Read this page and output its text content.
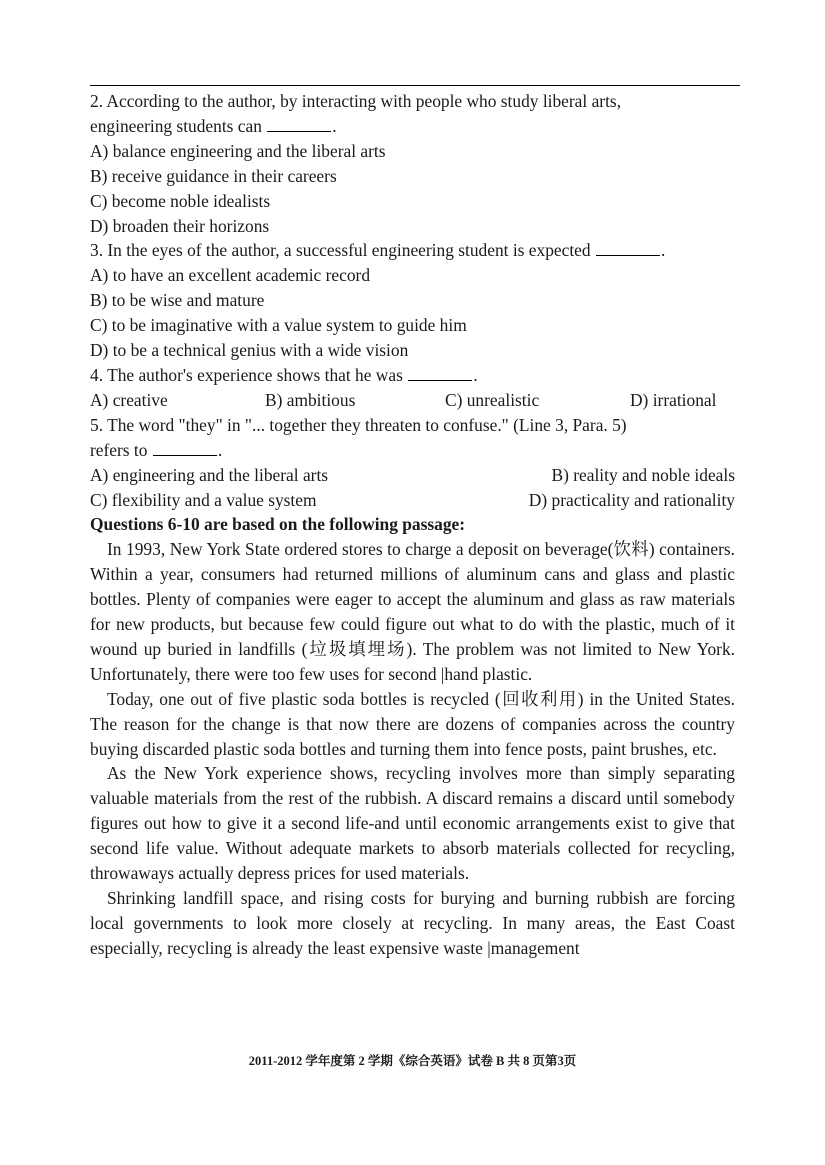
2. According to the author, by interacting with people who study liberal arts,
engineering students can	.
A) balance engineering and the liberal arts
B) receive guidance in their careers
C) become noble idealists
D) broaden their horizons
3. In the eyes of the author, a successful engineering student is expected	.
A) to have an excellent academic record
B) to be wise and mature
C) to be imaginative with a value system to guide him
D) to be a technical genius with a wide vision
4. The author's experience shows that he was	.
A) creative	B) ambitious	C) unrealistic	D) irrational
5. The word "they" in "... together they threaten to confuse." (Line 3, Para. 5)
refers to	.
A) engineering and the liberal arts	B) reality and noble ideals
C) flexibility and a value system	D) practicality and rationality
Questions 6-10 are based on the following passage:

In 1993, New York State ordered stores to charge a deposit on beverage(饮料) containers. Within a year, consumers had returned millions of aluminum cans and glass and plastic bottles. Plenty of companies were eager to accept the aluminum and glass as raw materials for new products, but because few could figure out what to do with the plastic, much of it wound up buried in landfills (垃圾填埋场). The problem was not limited to New York. Unfortunately, there were too few uses for second |hand plastic.

Today, one out of five plastic soda bottles is recycled (回收利用) in the United States. The reason for the change is that now there are dozens of companies across the country buying discarded plastic soda bottles and turning them into fence posts, paint brushes, etc.

As the New York experience shows, recycling involves more than simply separating valuable materials from the rest of the rubbish. A discard remains a discard until somebody figures out how to give it a second life-and until economic arrangements exist to give that second life value. Without adequate markets to absorb materials collected for recycling, throwaways actually depress prices for used materials.

Shrinking landfill space, and rising costs for burying and burning rubbish are forcing local governments to look more closely at recycling. In many areas, the East Coast especially, recycling is already the least expensive waste |management

2011-2012 学年度第 2 学期《综合英语》试卷 B 共 8 页第3页
